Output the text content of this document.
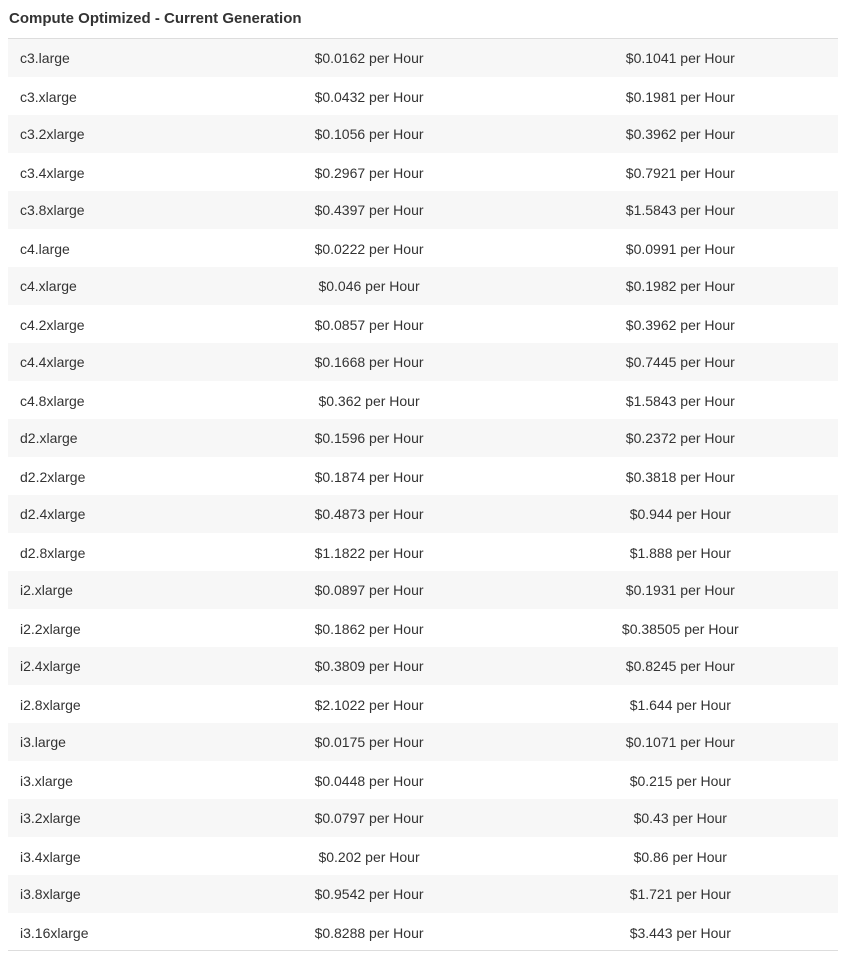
Compute Optimized - Current Generation
c3.large	$0.0162 per Hour	$0.1041 per Hour
c3.xlarge	$0.0432 per Hour	$0.1981 per Hour
c3.2xlarge	$0.1056 per Hour	$0.3962 per Hour
c3.4xlarge	$0.2967 per Hour	$0.7921 per Hour
c3.8xlarge	$0.4397 per Hour	$1.5843 per Hour
c4.large	$0.0222 per Hour	$0.0991 per Hour
c4.xlarge	$0.046 per Hour	$0.1982 per Hour
c4.2xlarge	$0.0857 per Hour	$0.3962 per Hour
c4.4xlarge	$0.1668 per Hour	$0.7445 per Hour
c4.8xlarge	$0.362 per Hour	$1.5843 per Hour
d2.xlarge	$0.1596 per Hour	$0.2372 per Hour
d2.2xlarge	$0.1874 per Hour	$0.3818 per Hour
d2.4xlarge	$0.4873 per Hour	$0.944 per Hour
d2.8xlarge	$1.1822 per Hour	$1.888 per Hour
i2.xlarge	$0.0897 per Hour	$0.1931 per Hour
i2.2xlarge	$0.1862 per Hour	$0.38505 per Hour
i2.4xlarge	$0.3809 per Hour	$0.8245 per Hour
i2.8xlarge	$2.1022 per Hour	$1.644 per Hour
i3.large	$0.0175 per Hour	$0.1071 per Hour
i3.xlarge	$0.0448 per Hour	$0.215 per Hour
i3.2xlarge	$0.0797 per Hour	$0.43 per Hour
i3.4xlarge	$0.202 per Hour	$0.86 per Hour
i3.8xlarge	$0.9542 per Hour	$1.721 per Hour
i3.16xlarge	$0.8288 per Hour	$3.443 per Hour
